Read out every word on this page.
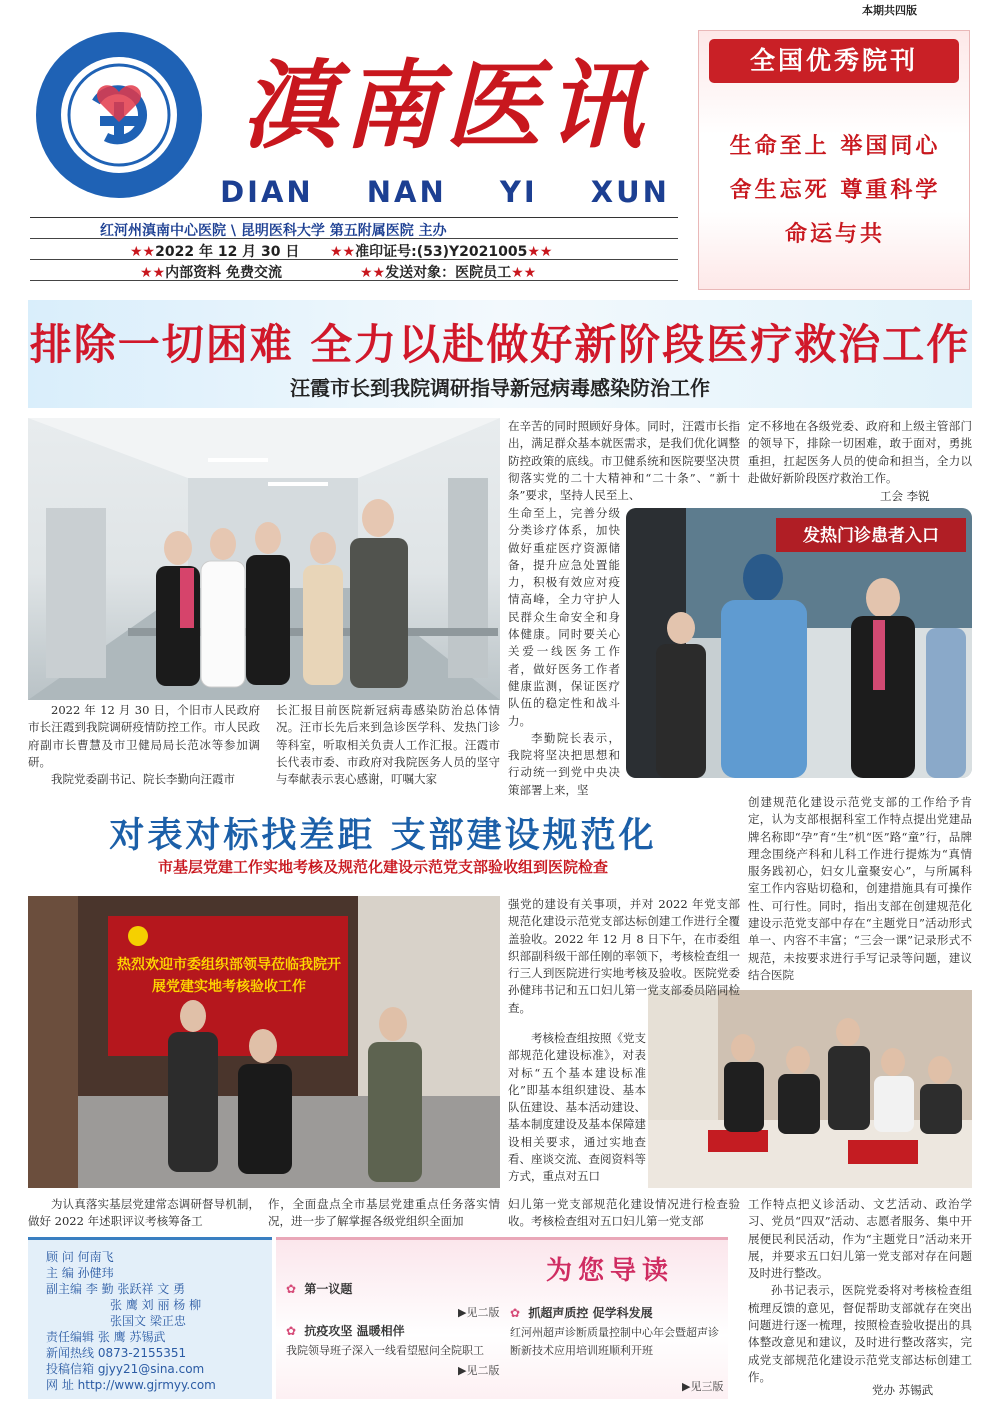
本期共四版
滇南医讯
DIAN NAN YI XUN
红河州滇南中心医院 \ 昆明医科大学 第五附属医院 主办
★★2022 年 12 月 30 日 ★★准印证号:(53)Y2021005★★
★★内部资料 免费交流	★★发送对象：医院员工★★
全国优秀院刊
生命至上 举国同心
舍生忘死 尊重科学
命运与共
排除一切困难 全力以赴做好新阶段医疗救治工作
汪霞市长到我院调研指导新冠病毒感染防治工作
发热门诊患者入口

2022 年 12 月 30 日，个旧市人民政府市长汪霞到我院调研疫情防控工作。市人民政府副市长曹慧及市卫健局局长范冰等参加调研。

我院党委副书记、院长李勤向汪霞市

长汇报目前医院新冠病毒感染防治总体情况。汪市长先后来到急诊医学科、发热门诊等科室，听取相关负责人工作汇报。汪霞市长代表市委、市政府对我院医务人员的坚守与奉献表示衷心感谢，叮嘱大家
在辛苦的同时照顾好身体。同时，汪霞市长指出，满足群众基本就医需求，是我们优化调整防控政策的底线。市卫健系统和医院要坚决贯彻落实党的二十大精神和“二十条”、“新十条”要求，坚持人民至上、

生命至上，完善分级分类诊疗体系，加快做好重症医疗资源储备，提升应急处置能力，积极有效应对疫情高峰，全力守护人民群众生命安全和身体健康。同时要关心关爱一线医务工作者，做好医务工作者健康监测，保证医疗队伍的稳定性和战斗力。

李勤院长表示，我院将坚决把思想和行动统一到党中央决策部署上来，坚

定不移地在各级党委、政府和上级主管部门的领导下，排除一切困难，敢于面对，勇挑重担，扛起医务人员的使命和担当，全力以赴做好新阶段医疗救治工作。
工会 李锐
对表对标找差距 支部建设规范化
市基层党建工作实地考核及规范化建设示范党支部验收组到医院检查
热烈欢迎市委组织部领导莅临我院开展党建实地考核验收工作

为认真落实基层党建常态调研督导机制，做好 2022 年述职评议考核筹备工

作，全面盘点全市基层党建重点任务落实情况，进一步了解掌握各级党组织全面加
强党的建设有关事项，并对 2022 年党支部规范化建设示范党支部达标创建工作进行全覆盖验收。2022 年 12 月 8 日下午，在市委组织部副科级干部任刚的率领下，考核检查组一行三人到医院进行实地考核及验收。医院党委孙健玮书记和五口妇儿第一党支部委员陪同检查。

考核检查组按照《党支部规范化建设标准》，对表对标“五个基本建设标准化”即基本组织建设、基本队伍建设、基本活动建设、基本制度建设及基本保障建设相关要求，通过实地查看、座谈交流、查阅资料等方式，重点对五口

妇儿第一党支部规范化建设情况进行检查验收。考核检查组对五口妇儿第一党支部
创建规范化建设示范党支部的工作给予肯定，认为支部根据科室工作特点提出党建品牌名称即“孕”育“生”机“医”路“童”行，品牌理念围绕产科和儿科工作进行提炼为“真情服务践初心，妇女儿童聚安心”，与所属科室工作内容贴切稳和，创建措施具有可操作性、可行性。同时，指出支部在创建规范化建设示范党支部中存在“主题党日”活动形式单一、内容不丰富；“三会一课”记录形式不规范，未按要求进行手写记录等问题，建议结合医院

工作特点把义诊活动、文艺活动、政治学习、党员“四双”活动、志愿者服务、集中开展便民利民活动，作为“主题党日”活动来开展，并要求五口妇儿第一党支部对存在问题及时进行整改。

孙书记表示，医院党委将对考核检查组梳理反馈的意见，督促帮助支部就存在突出问题进行逐一梳理，按照检查验收提出的具体整改意见和建议，及时进行整改落实，完成党支部规范化建设示范党支部达标创建工作。

党办 苏锡武
顾 问 何南飞
主 编 孙健玮
副主编 李 勤 张跃祥 文 勇
张 鹰 刘 丽 杨 柳
张国文 梁正忠
责任编辑 张 鹰 苏锡武
新闻热线 0873-2155351
投稿信箱 gjyy21@sina.com
网 址 http://www.gjrmyy.com
为您导读
✿ 第一议题
▶见二版
✿ 抗疫攻坚 温暖相伴
我院领导班子深入一线看望慰问全院职工
▶见二版
✿ 抓超声质控 促学科发展
红河州超声诊断质量控制中心年会暨超声诊
断新技术应用培训班顺利开班
▶见三版
